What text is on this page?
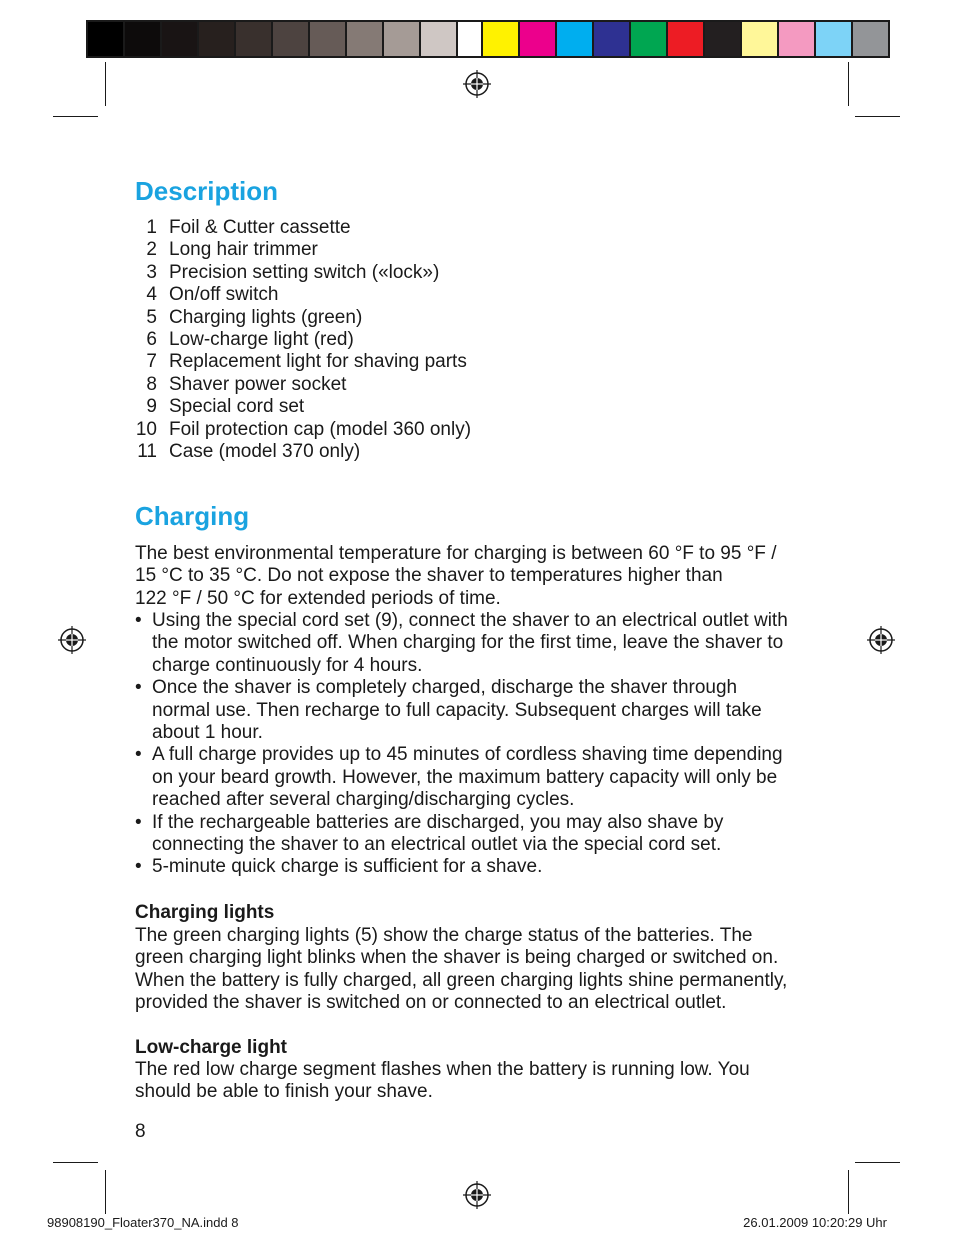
Description
1 Foil & Cutter cassette
2 Long hair trimmer
3 Precision setting switch («lock»)
4 On/off switch
5 Charging lights (green)
6 Low-charge light (red)
7 Replacement light for shaving parts
8 Shaver power socket
9 Special cord set
10 Foil protection cap (model 360 only)
11 Case (model 370 only)
Charging
The best environmental temperature for charging is between 60 °F to 95 °F /
15 °C to 35 °C. Do not expose the shaver to temperatures higher than
122 °F / 50 °C for extended periods of time.
• Using the special cord set (9), connect the shaver to an electrical outlet with
the motor switched off. When charging for the first time, leave the shaver to
charge continuously for 4 hours.
• Once the shaver is completely charged, discharge the shaver through
normal use. Then recharge to full capacity. Subsequent charges will take
about 1 hour.
• A full charge provides up to 45 minutes of cordless shaving time depending
on your beard growth. However, the maximum battery capacity will only be
reached after several charging/discharging cycles.
• If the rechargeable batteries are discharged, you may also shave by
connecting the shaver to an electrical outlet via the special cord set.
• 5-minute quick charge is sufficient for a shave.
Charging lights
The green charging lights (5) show the charge status of the batteries. The
green charging light blinks when the shaver is being charged or switched on.
When the battery is fully charged, all green charging lights shine permanently,
provided the shaver is switched on or connected to an electrical outlet.
Low-charge light
The red low charge segment flashes when the battery is running low. You
should be able to finish your shave.
8
98908190_Floater370_NA.indd 8	26.01.2009 10:20:29 Uhr
